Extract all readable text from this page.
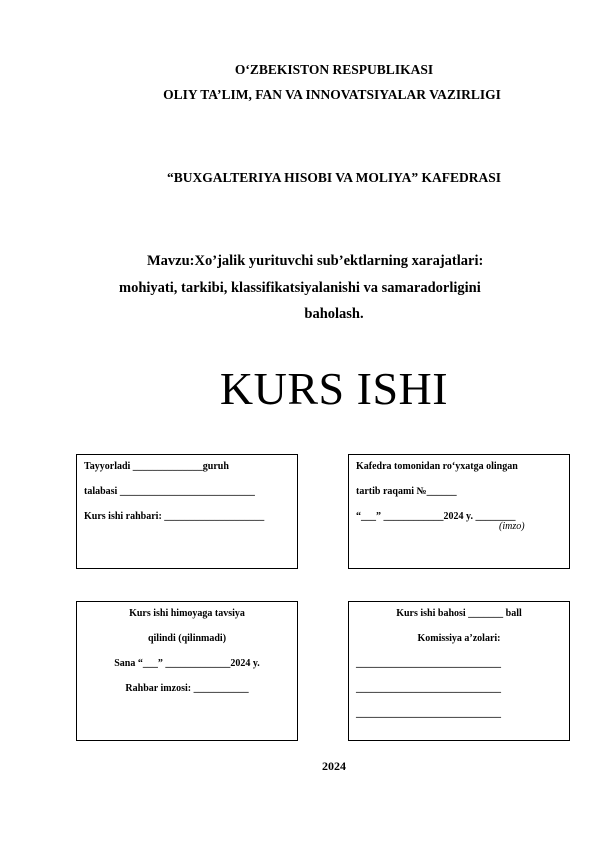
O‘ZBEKISTON RESPUBLIKASI
OLIY TA’LIM, FAN VA INNOVATSIYALAR VAZIRLIGI
“BUXGALTERIYA HISOBI VA MOLIYA” KAFEDRASI
Mavzu:Xo’jalik yurituvchi sub’ektlarning xarajatlari:
mohiyati, tarkibi, klassifikatsiyalanishi va samaradorligini
baholash.
KURS ISHI
Tayyorladi ______________guruh
talabasi ___________________________
Kurs ishi rahbari: ____________________
Kafedra tomonidan ro‘yxatga olingan
tartib raqami №______
“___” ____________2024 y. ________
(imzo)
Kurs ishi himoyaga tavsiya
qilindi (qilinmadi)
Sana “___” _____________2024 y.
Rahbar imzosi: ___________
Kurs ishi bahosi _______ ball
Komissiya a’zolari:
_____________________________
_____________________________
_____________________________
2024
